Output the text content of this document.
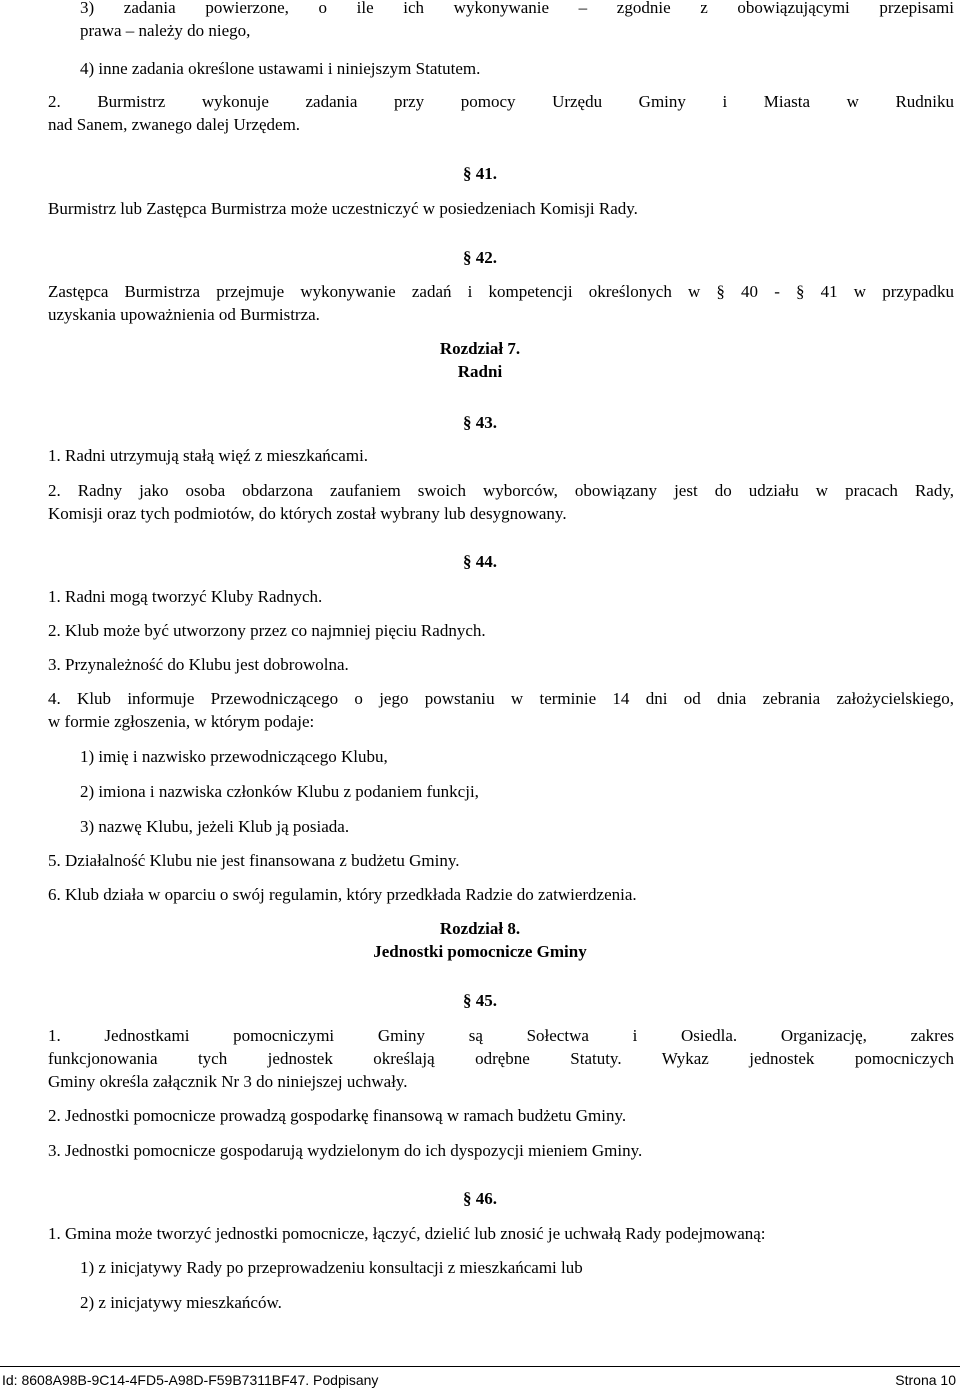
3) zadania powierzone, o ile ich wykonywanie – zgodnie z obowiązującymi przepisami
prawa – należy do niego,
4) inne zadania określone ustawami i niniejszym Statutem.
2. Burmistrz wykonuje zadania przy pomocy Urzędu Gminy i Miasta w Rudniku
nad Sanem, zwanego dalej Urzędem.
§ 41.
Burmistrz lub Zastępca Burmistrza może uczestniczyć w posiedzeniach Komisji Rady.
§ 42.
Zastępca Burmistrza przejmuje wykonywanie zadań i kompetencji określonych w § 40 - § 41 w przypadku
uzyskania upoważnienia od Burmistrza.
Rozdział 7.
Radni
§ 43.
1. Radni utrzymują stałą więź z mieszkańcami.
2. Radny jako osoba obdarzona zaufaniem swoich wyborców, obowiązany jest do udziału w pracach Rady,
Komisji oraz tych podmiotów, do których został wybrany lub desygnowany.
§ 44.
1. Radni mogą tworzyć Kluby Radnych.
2. Klub może być utworzony przez co najmniej pięciu Radnych.
3. Przynależność do Klubu jest dobrowolna.
4. Klub informuje Przewodniczącego o jego powstaniu w terminie 14 dni od dnia zebrania założycielskiego,
w formie zgłoszenia, w którym podaje:
1) imię i nazwisko przewodniczącego Klubu,
2) imiona i nazwiska członków Klubu z podaniem funkcji,
3) nazwę Klubu, jeżeli Klub ją posiada.
5. Działalność Klubu nie jest finansowana z budżetu Gminy.
6. Klub działa w oparciu o swój regulamin, który przedkłada Radzie do zatwierdzenia.
Rozdział 8.
Jednostki pomocnicze Gminy
§ 45.
1. Jednostkami pomocniczymi Gminy są Sołectwa i Osiedla. Organizację, zakres
funkcjonowania tych jednostek określają odrębne Statuty. Wykaz jednostek pomocniczych
Gminy określa załącznik Nr 3 do niniejszej uchwały.
2. Jednostki pomocnicze prowadzą gospodarkę finansową w ramach budżetu Gminy.
3. Jednostki pomocnicze gospodarują wydzielonym do ich dyspozycji mieniem Gminy.
§ 46.
1. Gmina może tworzyć jednostki pomocnicze, łączyć, dzielić lub znosić je uchwałą Rady podejmowaną:
1) z inicjatywy Rady po przeprowadzeniu konsultacji z mieszkańcami lub
2) z inicjatywy mieszkańców.
Id: 8608A98B-9C14-4FD5-A98D-F59B7311BF47. Podpisany	Strona 10
